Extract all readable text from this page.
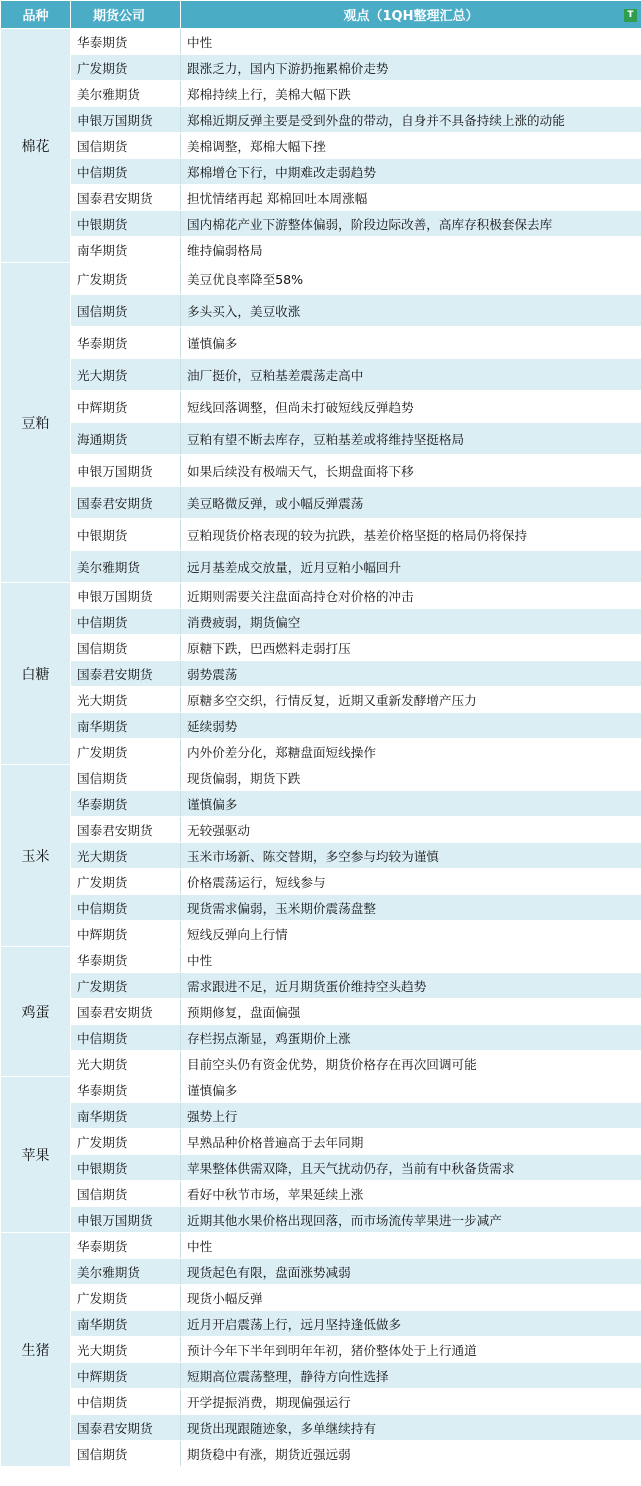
品种	期货公司	观点（1QH整理汇总） T

棉花	华泰期货	中性
	广发期货	跟涨乏力，国内下游扔拖累棉价走势
	美尔雅期货	郑棉持续上行，美棉大幅下跌
	申银万国期货	郑棉近期反弹主要是受到外盘的带动，自身并不具备持续上涨的动能
	国信期货	美棉调整，郑棉大幅下挫
	中信期货	郑棉增仓下行，中期难改走弱趋势
	国泰君安期货	担忧情绪再起 郑棉回吐本周涨幅
	中银期货	国内棉花产业下游整体偏弱，阶段边际改善，高库存积极套保去库
	南华期货	维持偏弱格局
豆粕	广发期货	美豆优良率降至58%
	国信期货	多头买入，美豆收涨
	华泰期货	谨慎偏多
	光大期货	油厂挺价，豆粕基差震荡走高中
	中辉期货	短线回落调整，但尚未打破短线反弹趋势
	海通期货	豆粕有望不断去库存，豆粕基差或将维持坚挺格局
	申银万国期货	如果后续没有极端天气，长期盘面将下移
	国泰君安期货	美豆略微反弹，或小幅反弹震荡
	中银期货	豆粕现货价格表现的较为抗跌，基差价格坚挺的格局仍将保持
	美尔雅期货	远月基差成交放量，近月豆粕小幅回升
白糖	申银万国期货	近期则需要关注盘面高持仓对价格的冲击
	中信期货	消费疲弱，期货偏空
	国信期货	原糖下跌，巴西燃料走弱打压
	国泰君安期货	弱势震荡
	光大期货	原糖多空交织，行情反复，近期又重新发酵增产压力
	南华期货	延续弱势
	广发期货	内外价差分化，郑糖盘面短线操作
玉米	国信期货	现货偏弱，期货下跌
	华泰期货	谨慎偏多
	国泰君安期货	无较强驱动
	光大期货	玉米市场新、陈交替期，多空参与均较为谨慎
	广发期货	价格震荡运行，短线参与
	中信期货	现货需求偏弱，玉米期价震荡盘整
	中辉期货	短线反弹向上行情
鸡蛋	华泰期货	中性
	广发期货	需求跟进不足，近月期货蛋价维持空头趋势
	国泰君安期货	预期修复，盘面偏强
	中信期货	存栏拐点渐显，鸡蛋期价上涨
	光大期货	目前空头仍有资金优势，期货价格存在再次回调可能
苹果	华泰期货	谨慎偏多
	南华期货	强势上行
	广发期货	早熟品种价格普遍高于去年同期
	中银期货	苹果整体供需双降，且天气扰动仍存，当前有中秋备货需求
	国信期货	看好中秋节市场，苹果延续上涨
	申银万国期货	近期其他水果价格出现回落，而市场流传苹果进一步减产
生猪	华泰期货	中性
	美尔雅期货	现货起色有限，盘面涨势减弱
	广发期货	现货小幅反弹
	南华期货	近月开启震荡上行，远月坚持逢低做多
	光大期货	预计今年下半年到明年年初，猪价整体处于上行通道
	中辉期货	短期高位震荡整理，静待方向性选择
	中信期货	开学提振消费，期现偏强运行
	国泰君安期货	现货出现跟随迹象，多单继续持有
	国信期货	期货稳中有涨，期货近强远弱
